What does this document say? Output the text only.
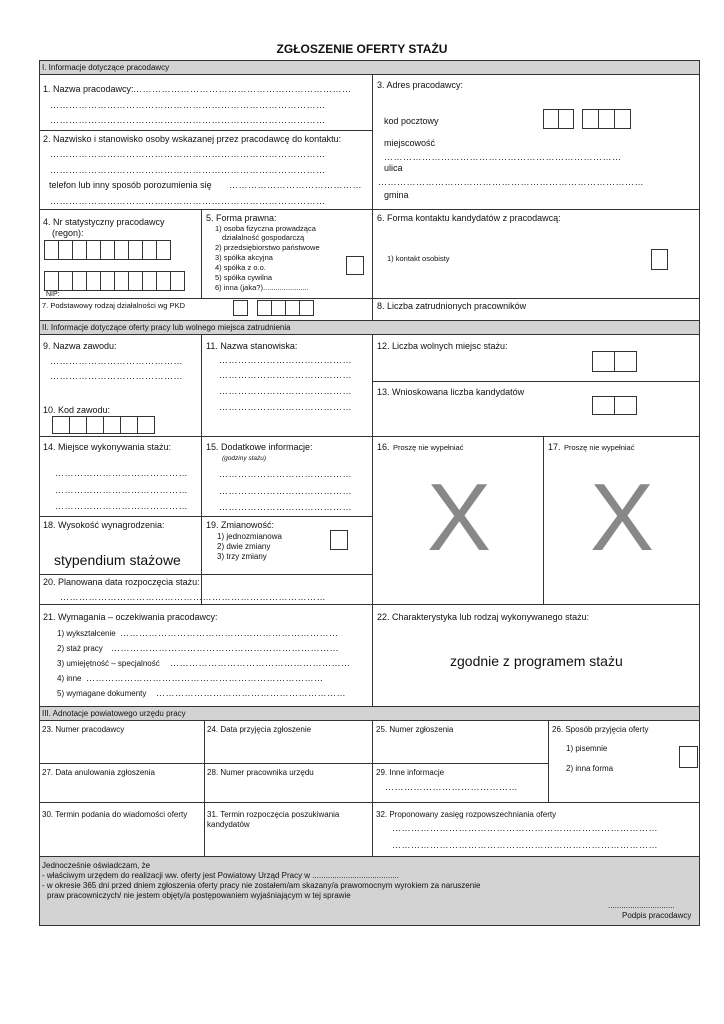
ZGŁOSZENIE OFERTY STAŻU
I. Informacje dotyczące pracodawcy
1. Nazwa pracodawcy: ……………………………………………………………
……………………………………………………………………………
……………………………………………………………………………
2. Nazwisko i stanowisko osoby wskazanej przez pracodawcę do kontaktu:
……………………………………………………………………………
……………………………………………………………………………
telefon lub inny sposób porozumienia się ……………………………………
……………………………………………………………………………
3. Adres pracodawcy:
kod pocztowy
miejscowość
…………………………………………………………………
ulica
…………………………………………………………………………
gmina
4. Nr statystyczny pracodawcy
(regon):
NIP:
5. Forma prawna:
1) osoba fizyczna prowadząca
działalność gospodarczą
2) przedsiębiorstwo państwowe
3) spółka akcyjna
4) spółka z o.o.
5) spółka cywilna
6) inna (jaka?)......................
6. Forma kontaktu kandydatów z pracodawcą:
1) kontakt osobisty
7. Podstawowy rodzaj działalności wg PKD	8. Liczba zatrudnionych pracowników
II. Informacje dotyczące oferty pracy lub wolnego miejsca zatrudnienia
9. Nazwa zawodu:
……………………………………
……………………………………
10. Kod zawodu:
11. Nazwa stanowiska:
……………………………………
……………………………………
……………………………………
……………………………………
12. Liczba wolnych miejsc stażu:
13. Wnioskowana liczba kandydatów
14. Miejsce wykonywania stażu:
……………………………………
……………………………………
……………………………………
15. Dodatkowe informacje:
(godziny stażu)
……………………………………
……………………………………
……………………………………
16. Proszę nie wypełniać
X
17. Proszę nie wypełniać
X
18. Wysokość wynagrodzenia:
stypendium stażowe
19. Zmianowość:
1) jednozmianowa
2) dwie zmiany
3) trzy zmiany
20. Planowana data rozpoczęcia stażu:
…………………………………………………………………………
21. Wymagania – oczekiwania pracodawcy:
1) wykształcenie ……………………………………………………………
2) staż pracy ………………………………………………………………
3) umiejętność – specjalność …………………………………………………
4) inne …………………………………………………………………
5) wymagane dokumenty ……………………………………………………
22. Charakterystyka lub rodzaj wykonywanego stażu:
zgodnie z programem stażu
III. Adnotacje powiatowego urzędu pracy
23. Numer pracodawcy	24. Data przyjęcia zgłoszenie	25. Numer zgłoszenia	26. Sposób przyjęcia oferty
1) pisemnie
2) inna forma
27. Data anulowania zgłoszenia	28. Numer pracownika urzędu	29. Inne informacje
……………………………………
30. Termin podania do wiadomości oferty 31. Termin rozpoczęcia poszukiwania
kandydatów
32. Proponowany zasięg rozpowszechniania oferty
…………………………………………………………………………
…………………………………………………………………………
Jednocześnie oświadczam, że
- właściwym urzędem do realizacji ww. oferty jest Powiatowy Urząd Pracy w .......................................
- w okresie 365 dni przed dniem zgłoszenia oferty pracy nie zostałem/am skazany/a prawomocnym wyrokiem za naruszenie
praw pracowniczych/ nie jestem objęty/a postępowaniem wyjaśniającym w tej sprawie
..............................
Podpis pracodawcy
